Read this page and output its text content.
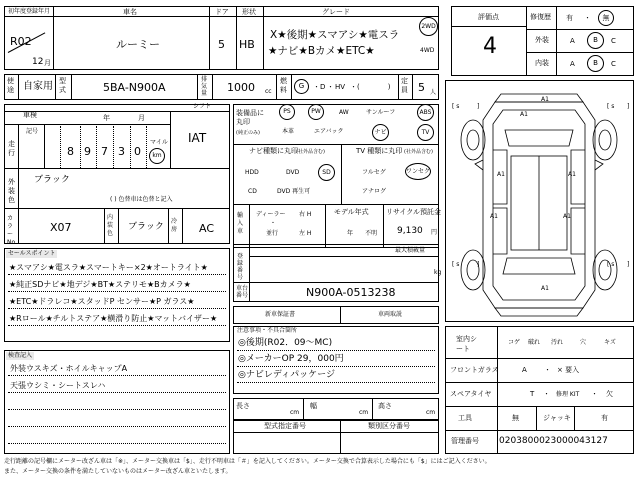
初年度登録年月
R02
12 月
車名
ルーミー
ドア
5
形状
HB
グレード
X★後期★スマアシ★電スラ
★ナビ★Bカメ★ETC★
2WD
4WD
評価点
4
修復歴 有 ・	無
外装	A	B	C
内装	A	B	C
使途 自家用 型式	5BA-N900A
排気量 1000 cc
燃料	G	・ D ・ HV ・ (　　　　)
定員 5 人
シフト
IAT
車検	年	月
走行
記号
8 9 7 3 0
マイル
km
外装色
ブラック
( ) 色替車は色替と記入
カラーNo.
X07
内装色
ブラック
冷房 AC
装備品に丸印
(純正のみ)
PS	PW	AW	サンルーフ	ABS
本革	エアバック	ナビ	TV
ナビ種類に丸印
(社外品含む)
HDD	DVD	SD
CD	DVD 再生可
TV 種類に丸印 (社外品含む)
フルセグ	ワンセグ
アナログ
輸入車
ディーラー 右 H
・
並行	左 H
モデル年式
年 不明
リサイクル預託金
9,130 円
登録番号
最大積載量
kg
車台番号	N900A-0513238
新車保証書	車両取説
注意事項・不具合箇所
◎後期(R02．09～MC)
◎メーカーOP 29，000円
◎ナビレディパッケージ
セールスポイント
★スマアシ★電スラ★スマートキー×2★オートライト★
★純正SDナビ★地デジ★BT★ステリモ★Bカメラ★
★ETC★ドラレコ★スタッドP センサー★P ガラス★
★Rロール★チルトステア★横滑り防止★マットバイザー★
検査記入
外装ウスキズ・ホイルキャップA
天張ウシミ・シートスレハ
長さ
cm
幅
cm
高さ
cm
型式指定番号	類別区分番号
A1
A1
A1	A1
A1	A1
A1
[ s	]	[ s ]
[ s	]	[ s ]
室内シート
コゲ 破れ 汚れ	穴	キズ
フロントガラス	A ・ × 要入
スペアタイヤ	T ・ 修理 KIT ・ 欠
工具	無	ジャッキ	有
管理番号 0203800023000043127
走行距離の記号欄にメーター改ざん車は「※」、メーター交換車は「$」、走行不明車は「＃」を記入してください。メーター交換で合算表示した場合にも「$」にはご記入ください。
また、メーター交換の条件を満たしていないものはメーター改ざん車といたします。
